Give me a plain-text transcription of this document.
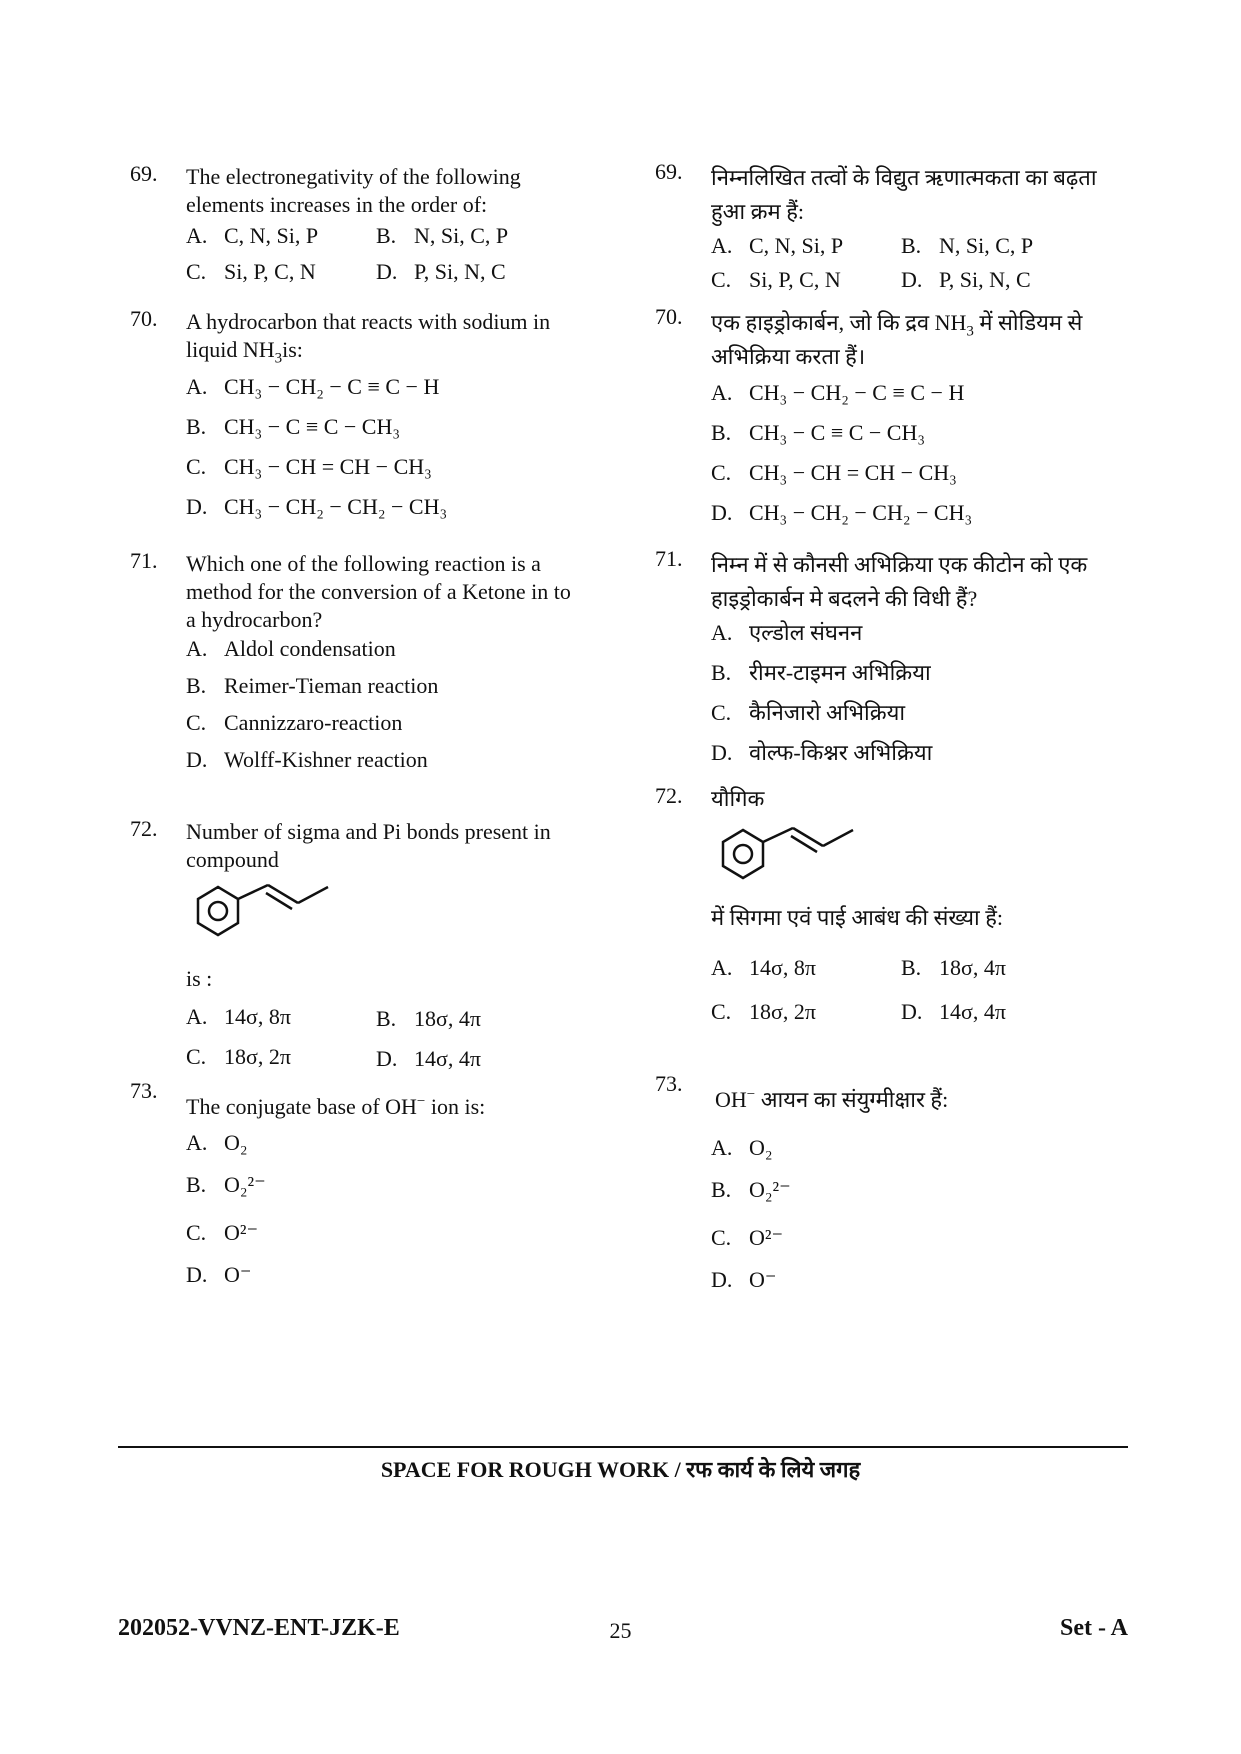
69.	The electronegativity of the following elements increases in the order of:
A. C, N, Si, P	B. N, Si, C, P
C. Si, P, C, N	D. P, Si, N, C
70.	A hydrocarbon that reacts with sodium in liquid $NH_3is$:
A. CH₃ − CH₂ − C ≡ C − H
B. CH₃ − C ≡ C − CH₃
C. CH₃ − CH = CH − CH₃
D. CH₃ − CH₂ − CH₂ − CH₃
71.	Which one of the following reaction is a method for the conversion of a Ketone in to a hydrocarbon?
A. Aldol condensation
B. Reimer-Tieman reaction
C. Cannizzaro-reaction
D. Wolff-Kishner reaction
72.	Number of sigma and Pi bonds present in compound
is :
A. 14σ, 8π	B. 18σ, 4π
C. 18σ, 2π	D. 14σ, 4π
73.
The conjugate base of OH− ion is:
A. O₂
B. O₂²⁻
C. O²⁻
D. O⁻
69.	निम्नलिखित तत्वों के विद्युत ऋणात्मकता का बढ़ता हुआ क्रम हैं:
A. C, N, Si, P	B. N, Si, C, P
C. Si, P, C, N	D. P, Si, N, C
70.	एक हाइड्रोकार्बन, जो कि द्रव $NH_3$ में सोडियम से अभिक्रिया करता हैं।
A. CH₃ − CH₂ − C ≡ C − H
B. CH₃ − C ≡ C − CH₃
C. CH₃ − CH = CH − CH₃
D. CH₃ − CH₂ − CH₂ − CH₃
71.	निम्न में से कौनसी अभिक्रिया एक कीटोन को एक हाइड्रोकार्बन मे बदलने की विधी हैं?
A. एल्डोल संघनन
B. रीमर-टाइमन अभिक्रिया
C. कैनिजारो अभिक्रिया
D. वोल्फ-किश्नर अभिक्रिया
72.	यौगिक
में सिगमा एवं पाई आबंध की संख्या हैं:
A. 14σ, 8π	B. 18σ, 4π
C. 18σ, 2π	D. 14σ, 4π
73.
OH− आयन का संयुग्मीक्षार हैं:
A. O₂
B. O₂²⁻
C. O²⁻
D. O⁻
SPACE FOR ROUGH WORK / रफ कार्य के लिये जगह
202052-VVNZ-ENT-JZK-E	25	Set - A
